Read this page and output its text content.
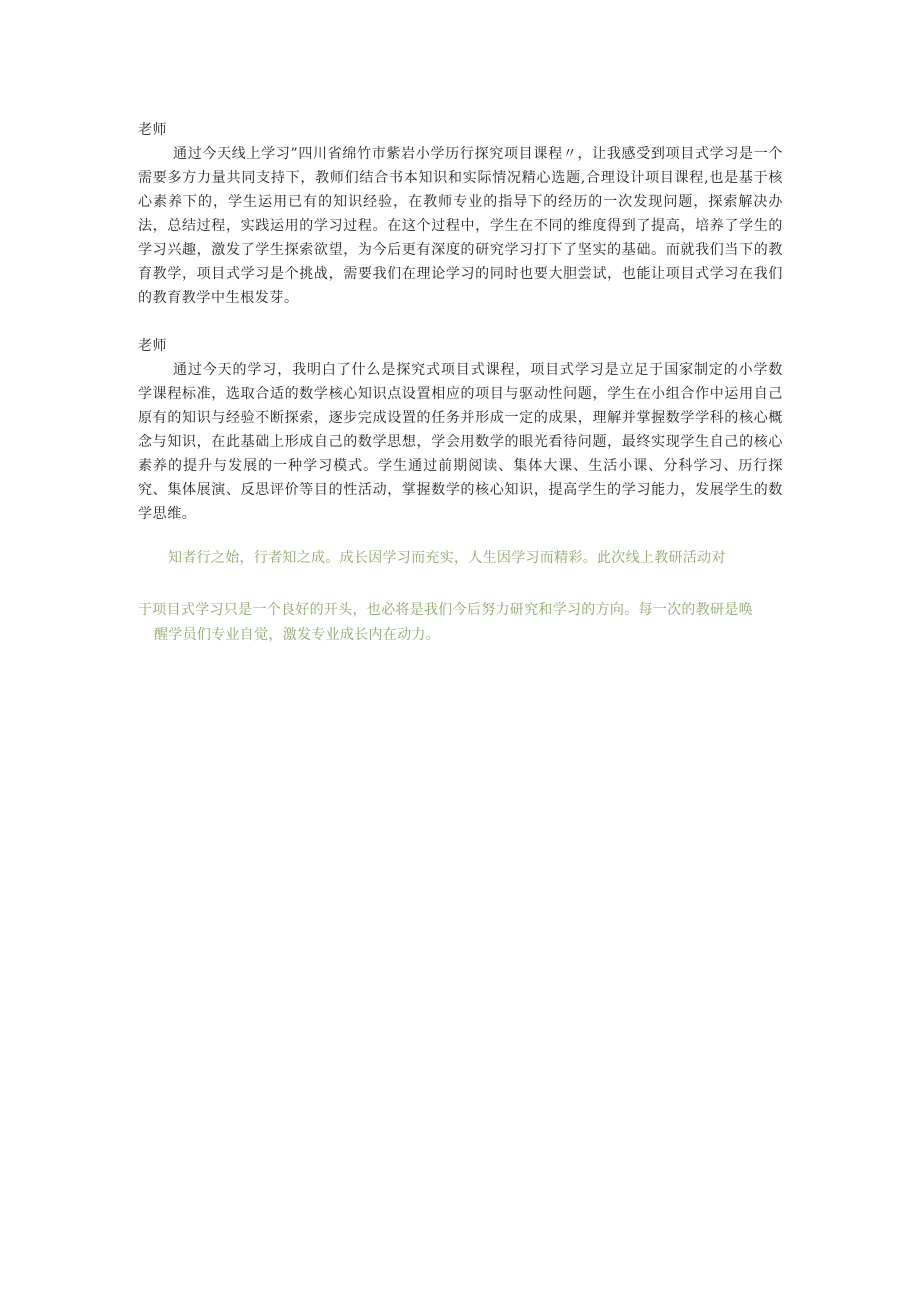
老师

通过今天线上学习”四川省绵竹市紫岩小学历行探究项目课程〃，让我感受到项目式学习是一个需要多方力量共同支持下，教师们结合书本知识和实际情况精心选题,合理设计项目课程,也是基于核心素养下的，学生运用已有的知识经验，在教师专业的指导下的经历的一次发现问题，探索解决办法，总结过程，实践运用的学习过程。在这个过程中，学生在不同的维度得到了提高，培养了学生的学习兴趣，激发了学生探索欲望，为今后更有深度的研究学习打下了坚实的基础。而就我们当下的教育教学，项目式学习是个挑战，需要我们在理论学习的同时也要大胆尝试，也能让项目式学习在我们的教育教学中生根发芽。

老师

通过今天的学习，我明白了什么是探究式项目式课程，项目式学习是立足于国家制定的小学数学课程标准，选取合适的数学核心知识点设置相应的项目与驱动性问题，学生在小组合作中运用自己原有的知识与经验不断探索，逐步完成设置的任务并形成一定的成果，理解并掌握数学学科的核心概念与知识，在此基础上形成自己的数学思想，学会用数学的眼光看待问题，最终实现学生自己的核心素养的提升与发展的一种学习模式。学生通过前期阅读、集体大课、生活小课、分科学习、历行探究、集体展演、反思评价等目的性活动，掌握数学的核心知识，提高学生的学习能力，发展学生的数学思维。

知者行之始，行者知之成。成长因学习而充实，人生因学习而精彩。此次线上教研活动对
于项目式学习只是一个良好的开头，也必将是我们今后努力研究和学习的方向。每一次的教研是唤
醒学员们专业自觉，激发专业成长内在动力。
